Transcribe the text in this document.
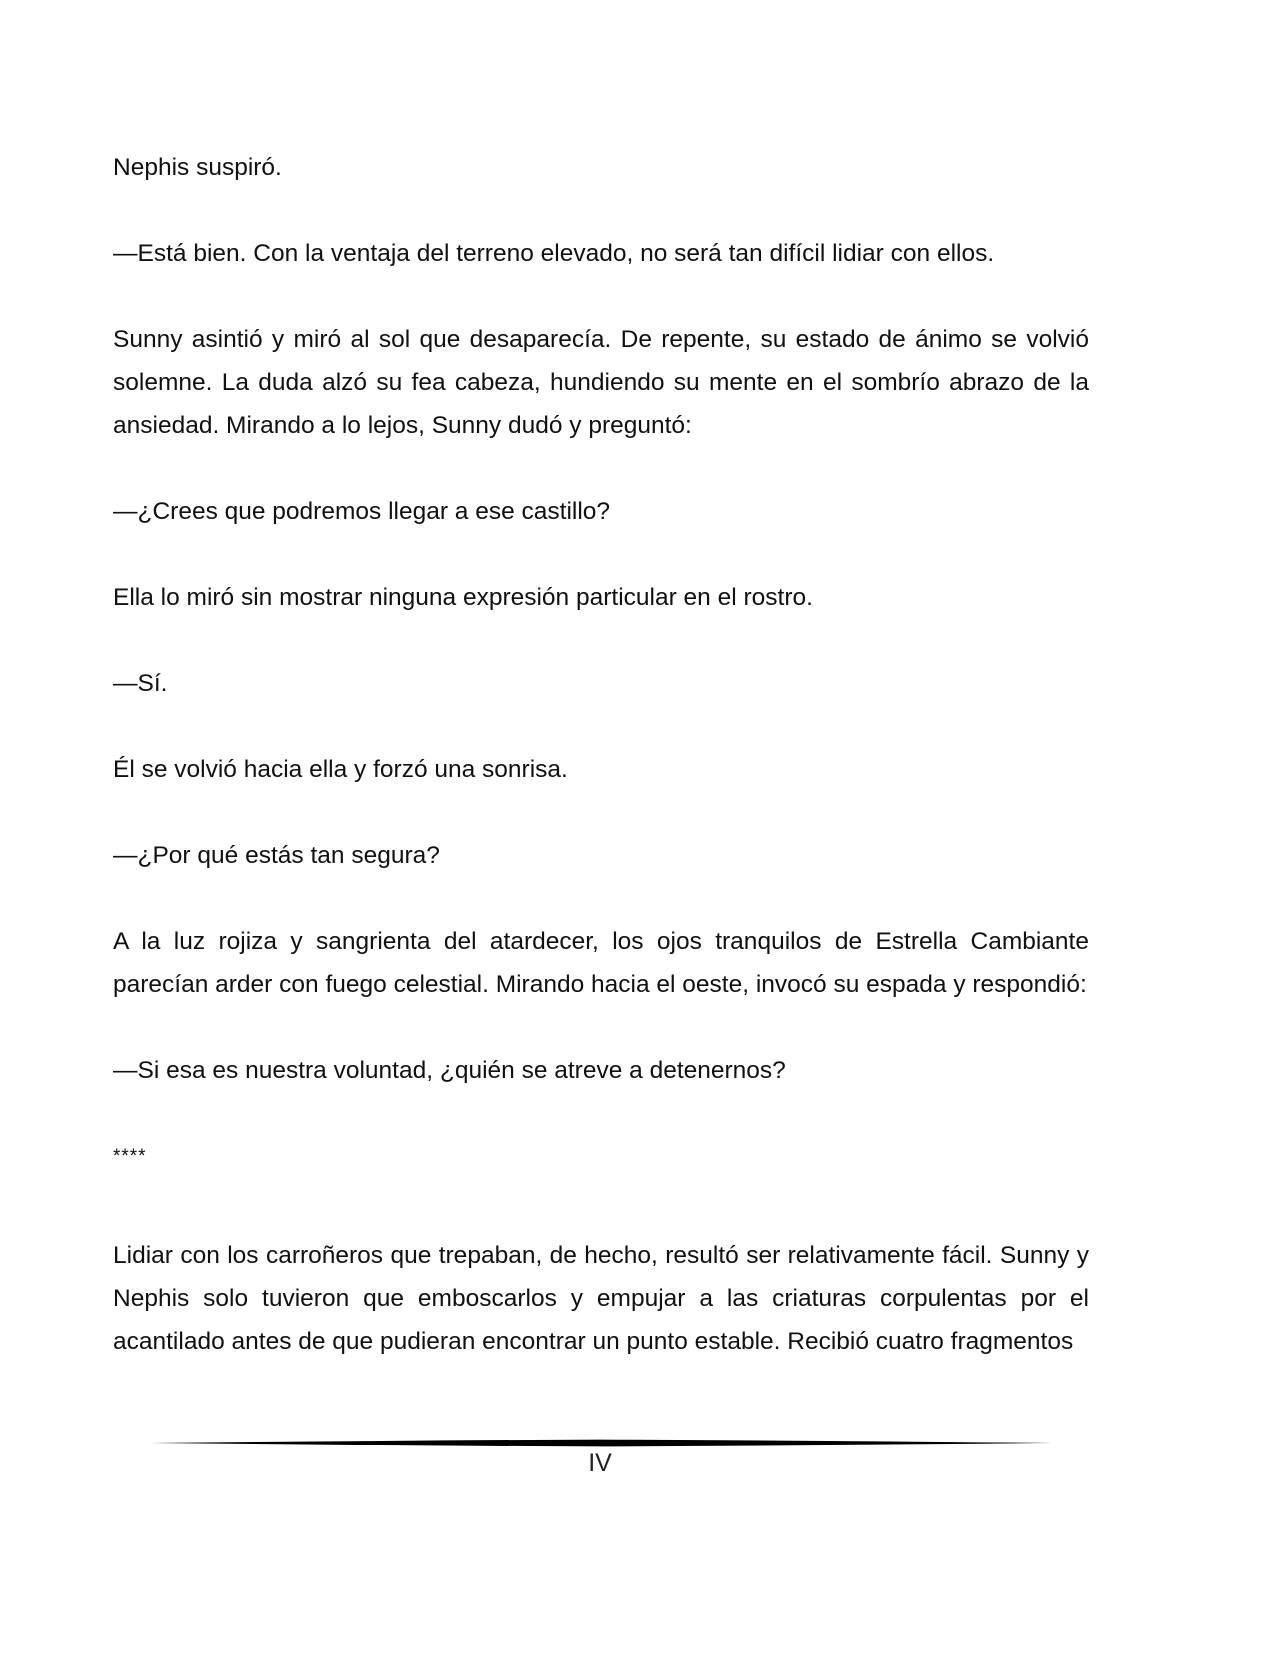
Nephis suspiró.

—Está bien. Con la ventaja del terreno elevado, no será tan difícil lidiar con ellos.

Sunny asintió y miró al sol que desaparecía. De repente, su estado de ánimo se volvió solemne. La duda alzó su fea cabeza, hundiendo su mente en el sombrío abrazo de la ansiedad. Mirando a lo lejos, Sunny dudó y preguntó:

—¿Crees que podremos llegar a ese castillo?

Ella lo miró sin mostrar ninguna expresión particular en el rostro.

—Sí.

Él se volvió hacia ella y forzó una sonrisa.

—¿Por qué estás tan segura?

A la luz rojiza y sangrienta del atardecer, los ojos tranquilos de Estrella Cambiante parecían arder con fuego celestial. Mirando hacia el oeste, invocó su espada y respondió:

—Si esa es nuestra voluntad, ¿quién se atreve a detenernos?

****

Lidiar con los carroñeros que trepaban, de hecho, resultó ser relativamente fácil. Sunny y Nephis solo tuvieron que emboscarlos y empujar a las criaturas corpulentas por el acantilado antes de que pudieran encontrar un punto estable. Recibió cuatro fragmentos

IV
